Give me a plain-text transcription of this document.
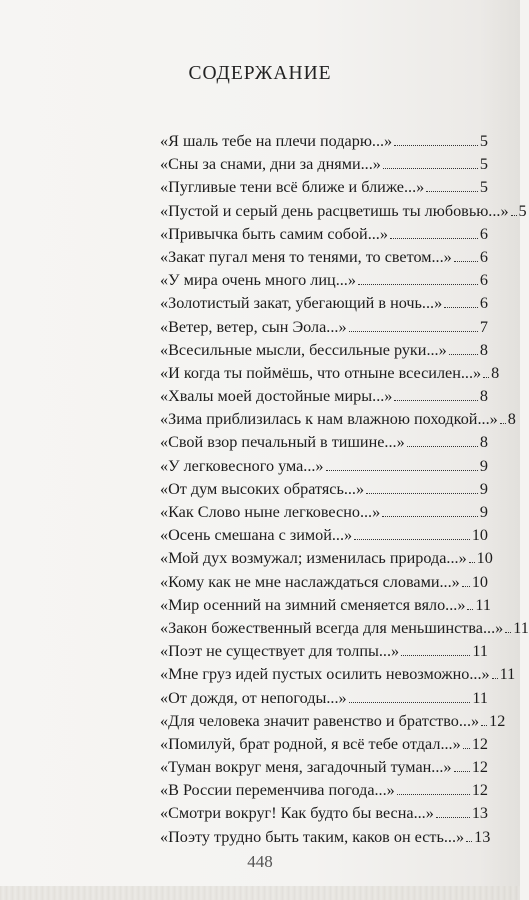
СОДЕРЖАНИЕ
«Я шаль тебе на плечи подарю...»	5
«Сны за снами, дни за днями...»	5
«Пугливые тени всё ближе и ближе...»	5
«Пустой и серый день расцветишь ты любовью...» 5
«Привычка быть самим собой...»	6
«Закат пугал меня то тенями, то светом...» 6
«У мира очень много лиц...»	6
«Золотистый закат, убегающий в ночь...» 6
«Ветер, ветер, сын Эола...»	7
«Всесильные мысли, бессильные руки...» 8
«И когда ты поймёшь, что отныне всесилен...» 8
«Хвалы моей достойные миры...»	8
«Зима приблизилась к нам влажною походкой...» 8
«Свой взор печальный в тишине...»	8
«У легковесного ума...»	9
«От дум высоких обратясь...»	9
«Как Слово ныне легковесно...»	9
«Осень смешана с зимой...»	10
«Мой дух возмужал; изменилась природа...» 10
«Кому как не мне наслаждаться словами...» 10
«Мир осенний на зимний сменяется вяло...» 11
«Закон божественный всегда для меньшинства...» 11
«Поэт не существует для толпы...»	11
«Мне груз идей пустых осилить невозможно...» 11
«От дождя, от непогоды...»	11
«Для человека значит равенство и братство...» 12
«Помилуй, брат родной, я всё тебе отдал...» 12
«Туман вокруг меня, загадочный туман...» 12
«В России переменчива погода...»	12
«Смотри вокруг! Как будто бы весна...» 13
«Поэту трудно быть таким, каков он есть...» 13
448
